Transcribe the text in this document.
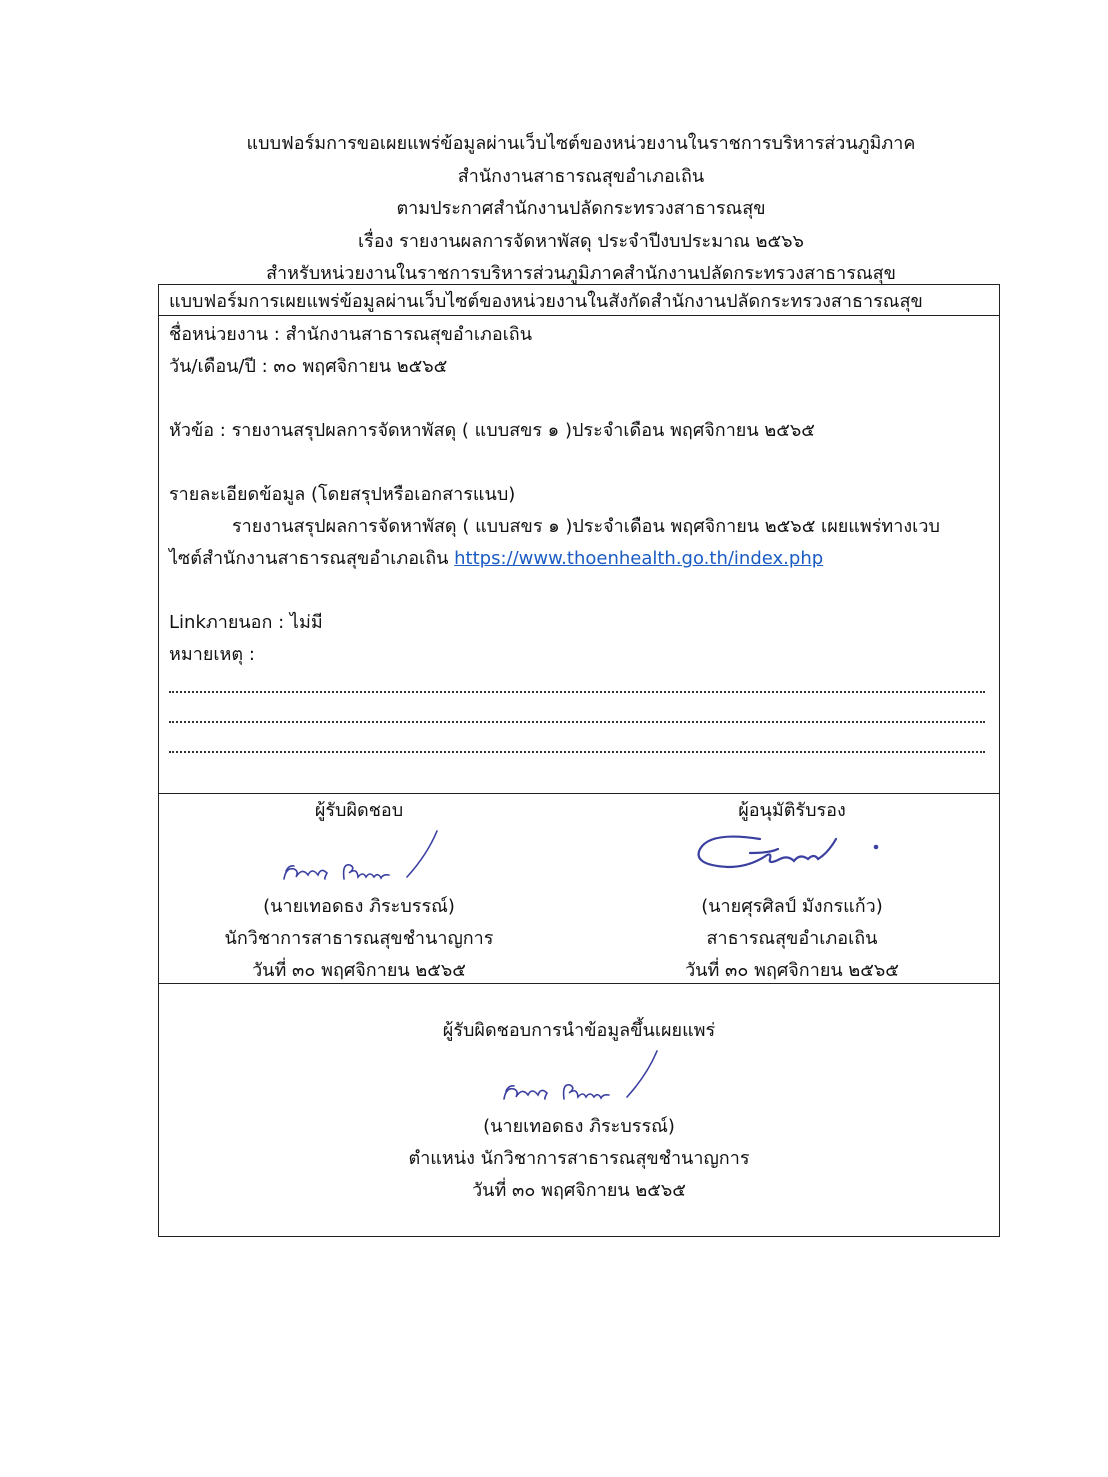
แบบฟอร์มการขอเผยแพร่ข้อมูลผ่านเว็บไซต์ของหน่วยงานในราชการบริหารส่วนภูมิภาค
สำนักงานสาธารณสุขอำเภอเถิน
ตามประกาศสำนักงานปลัดกระทรวงสาธารณสุข
เรื่อง รายงานผลการจัดหาพัสดุ ประจำปีงบประมาณ ๒๕๖๖
สำหรับหน่วยงานในราชการบริหารส่วนภูมิภาคสำนักงานปลัดกระทรวงสาธารณสุข
แบบฟอร์มการเผยแพร่ข้อมูลผ่านเว็บไซต์ของหน่วยงานในสังกัดสำนักงานปลัดกระทรวงสาธารณสุข
ชื่อหน่วยงาน : สำนักงานสาธารณสุขอำเภอเถิน
วัน/เดือน/ปี : ๓๐ พฤศจิกายน ๒๕๖๕
หัวข้อ : รายงานสรุปผลการจัดหาพัสดุ ( แบบสขร ๑ )ประจำเดือน พฤศจิกายน ๒๕๖๕
รายละเอียดข้อมูล (โดยสรุปหรือเอกสารแนบ)
รายงานสรุปผลการจัดหาพัสดุ ( แบบสขร ๑ )ประจำเดือน พฤศจิกายน ๒๕๖๕ เผยแพร่ทางเวบ
ไซต์สำนักงานสาธารณสุขอำเภอเถิน https://www.thoenhealth.go.th/index.php
Linkภายนอก : ไม่มี
หมายเหตุ :
ผู้รับผิดชอบ
(นายเทอดธง ภิระบรรณ์)
นักวิชาการสาธารณสุขชำนาญการ
วันที่ ๓๐ พฤศจิกายน ๒๕๖๕
ผู้อนุมัติรับรอง
(นายศุรศิลป์ มังกรแก้ว)
สาธารณสุขอำเภอเถิน
วันที่ ๓๐ พฤศจิกายน ๒๕๖๕
ผู้รับผิดชอบการนำข้อมูลขึ้นเผยแพร่
(นายเทอดธง ภิระบรรณ์)
ตำแหน่ง นักวิชาการสาธารณสุขชำนาญการ
วันที่ ๓๐ พฤศจิกายน ๒๕๖๕
